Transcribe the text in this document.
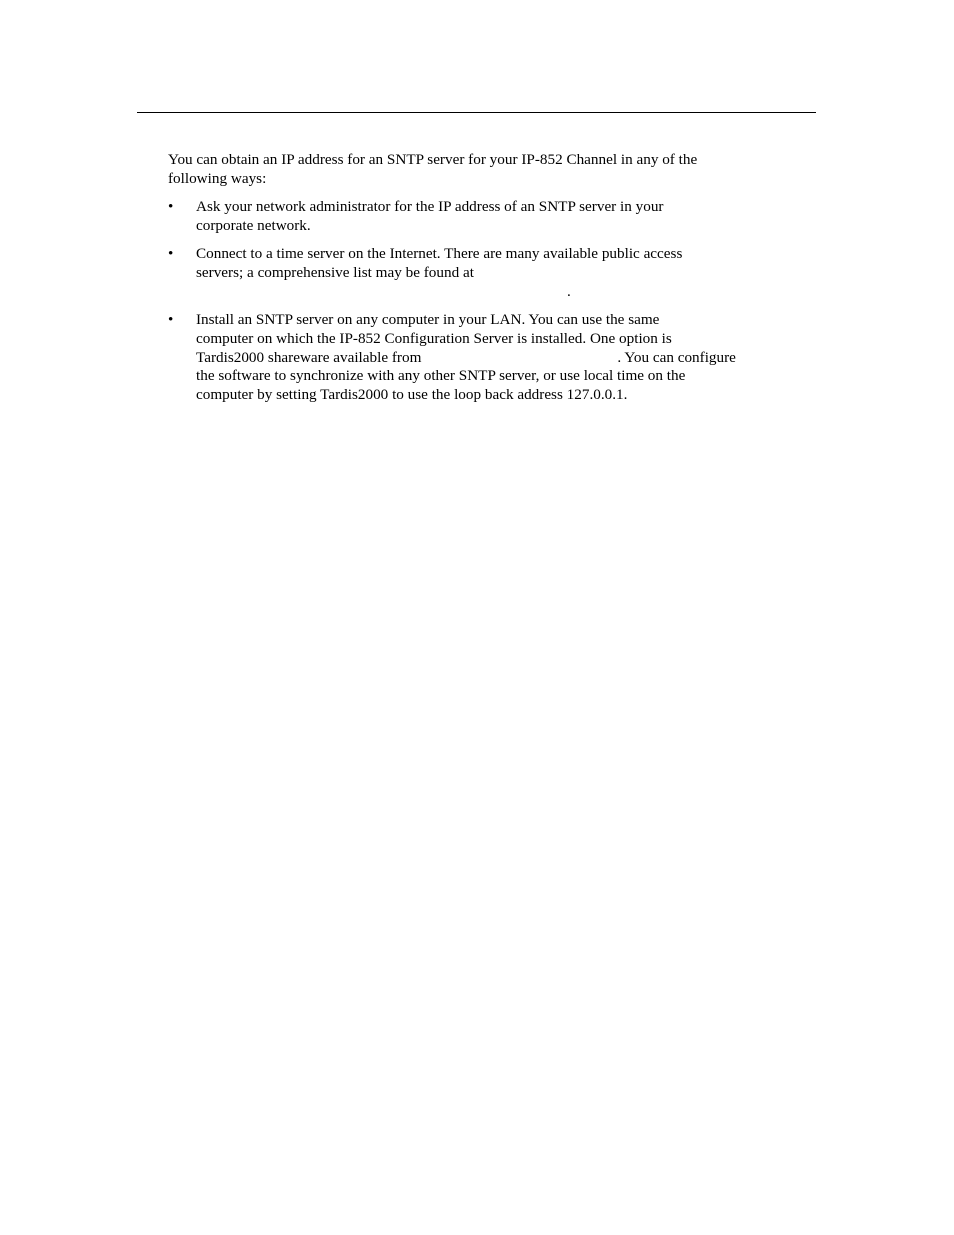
You can obtain an IP address for an SNTP server for your IP-852 Channel in any of the
following ways:
•	Ask your network administrator for the IP address of an SNTP server in your
corporate network.
•	Connect to a time server on the Internet. There are many available public access
servers; a comprehensive list may be found at
.
•	Install an SNTP server on any computer in your LAN. You can use the same
computer on which the IP-852 Configuration Server is installed. One option is
Tardis2000 shareware available from	. You can configure
the software to synchronize with any other SNTP server, or use local time on the
computer by setting Tardis2000 to use the loop back address 127.0.0.1.
